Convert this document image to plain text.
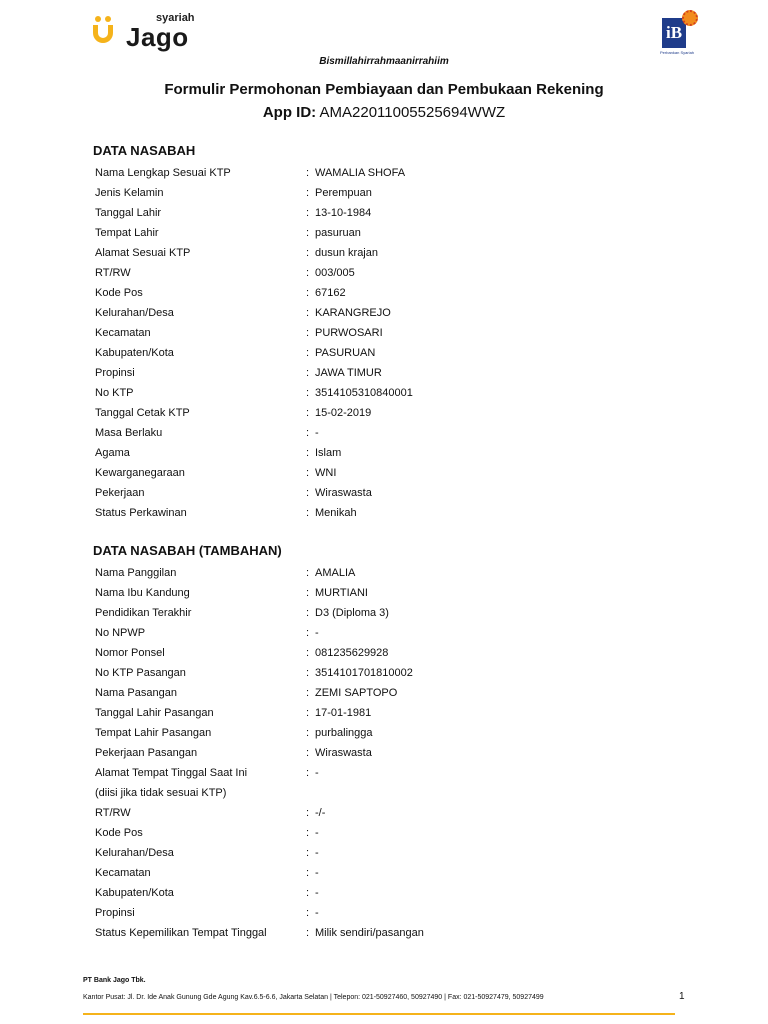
syariah
Jago	iB
Perbankan Syariah
Bismillahirrahmaanirrahiim
Formulir Permohonan Pembiayaan dan Pembukaan Rekening
App ID: AMA22011005525694WWZ
DATA NASABAH
Nama Lengkap Sesuai KTP	: WAMALIA SHOFA
Jenis Kelamin	: Perempuan
Tanggal Lahir	: 13-10-1984
Tempat Lahir	: pasuruan
Alamat Sesuai KTP	: dusun krajan
RT/RW	: 003/005
Kode Pos	: 67162
Kelurahan/Desa	: KARANGREJO
Kecamatan	: PURWOSARI
Kabupaten/Kota	: PASURUAN
Propinsi	: JAWA TIMUR
No KTP	: 3514105310840001
Tanggal Cetak KTP	: 15-02-2019
Masa Berlaku	: -
Agama	: Islam
Kewarganegaraan	: WNI
Pekerjaan	: Wiraswasta
Status Perkawinan	: Menikah
DATA NASABAH (TAMBAHAN)
Nama Panggilan	: AMALIA
Nama Ibu Kandung	: MURTIANI
Pendidikan Terakhir	: D3 (Diploma 3)
No NPWP	: -
Nomor Ponsel	: 081235629928
No KTP Pasangan	: 3514101701810002
Nama Pasangan	: ZEMI SAPTOPO
Tanggal Lahir Pasangan	: 17-01-1981
Tempat Lahir Pasangan	: purbalingga
Pekerjaan Pasangan	: Wiraswasta
Alamat Tempat Tinggal Saat Ini	: -
(diisi jika tidak sesuai KTP)
RT/RW	: -/-
Kode Pos	: -
Kelurahan/Desa	: -
Kecamatan	: -
Kabupaten/Kota	: -
Propinsi	: -
Status Kepemilikan Tempat Tinggal	: Milik sendiri/pasangan
PT Bank Jago Tbk.
Kantor Pusat: Jl. Dr. Ide Anak Gunung Gde Agung Kav.6.5-6.6, Jakarta Selatan | Telepon: 021-50927460, 50927490 | Fax: 021-50927479, 50927499	1
